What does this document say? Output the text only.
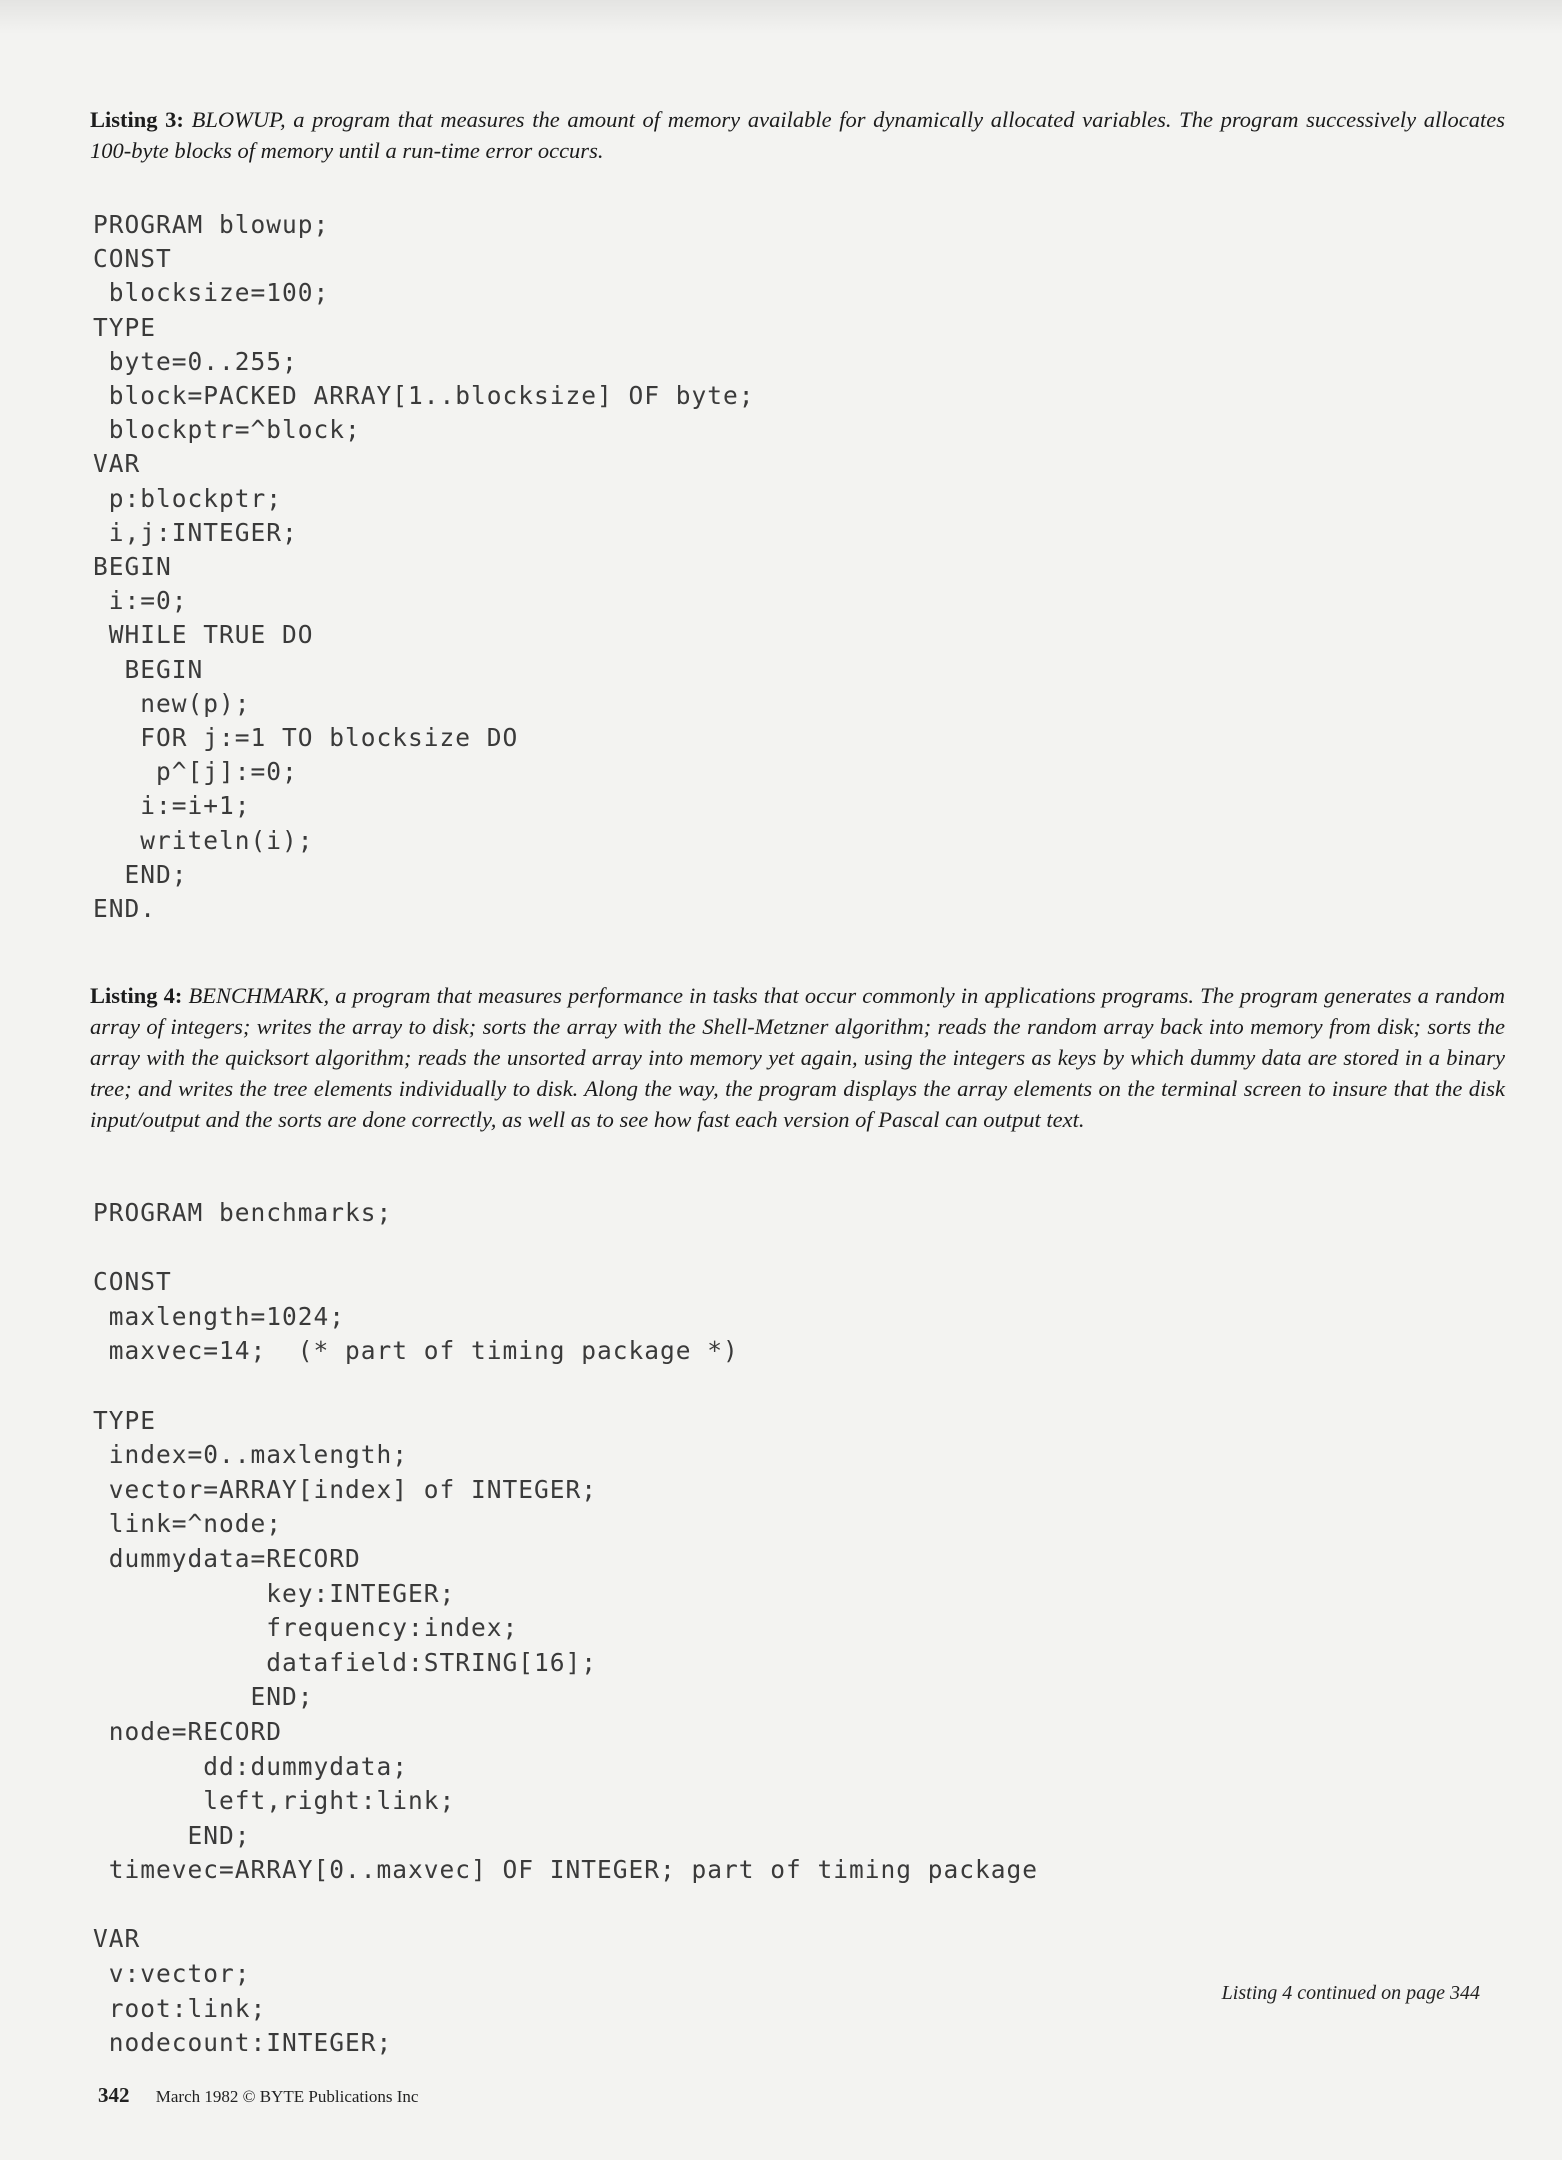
Listing 3: BLOWUP, a program that measures the amount of memory available for dynamically allocated variables. The program successively allocates 100-byte blocks of memory until a run-time error occurs.
PROGRAM blowup;
CONST
blocksize=100;
TYPE
byte=0..255;
block=PACKED ARRAY[1..blocksize] OF byte;
blockptr=^block;
VAR
p:blockptr;
i,j:INTEGER;
BEGIN
i:=0;
WHILE TRUE DO
BEGIN
new(p);
FOR j:=1 TO blocksize DO
p^[j]:=0;
i:=i+1;
writeln(i);
END;
END.
Listing 4: BENCHMARK, a program that measures performance in tasks that occur commonly in applications programs. The program generates a random array of integers; writes the array to disk; sorts the array with the Shell-Metzner algorithm; reads the random array back into memory from disk; sorts the array with the quicksort algorithm; reads the unsorted array into memory yet again, using the integers as keys by which dummy data are stored in a binary tree; and writes the tree elements individually to disk. Along the way, the program displays the array elements on the terminal screen to insure that the disk input/output and the sorts are done correctly, as well as to see how fast each version of Pascal can output text.
PROGRAM benchmarks;

CONST
maxlength=1024;
maxvec=14;  (* part of timing package *)

TYPE
index=0..maxlength;
vector=ARRAY[index] of INTEGER;
link=^node;
dummydata=RECORD
key:INTEGER;
frequency:index;
datafield:STRING[16];
END;
node=RECORD
dd:dummydata;
left,right:link;
END;
timevec=ARRAY[0..maxvec] OF INTEGER; part of timing package

VAR
v:vector;
root:link;
nodecount:INTEGER;
Listing 4 continued on page 344
342 March 1982 © BYTE Publications Inc
